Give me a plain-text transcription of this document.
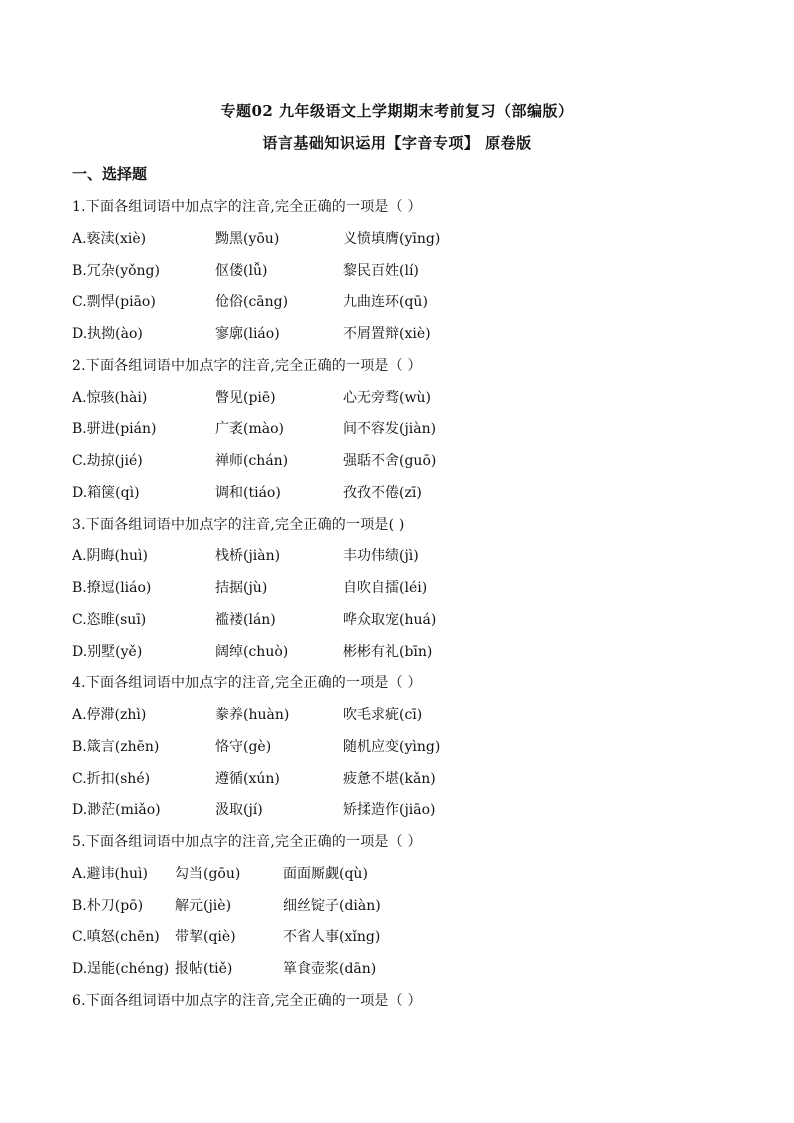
专题02 九年级语文上学期期末考前复习（部编版）
语言基础知识运用【字音专项】 原卷版
一、选择题
1.下面各组词语中加点字的注音,完全正确的一项是（ ）
A.亵渎(xiè)	黝黑(yōu)	义愤填膺(yīng)
B.冗杂(yǒng)	伛偻(lǚ)	黎民百姓(lí)
C.剽悍(piāo)	伧俗(cāng)	九曲连环(qū)
D.执拗(ào)	寥廓(liáo)	不屑置辩(xiè)
2.下面各组词语中加点字的注音,完全正确的一项是（ ）
A.惊骇(hài)	瞥见(piē)	心无旁骛(wù)
B.骈进(pián)	广袤(mào)	间不容发(jiàn)
C.劫掠(jié)	禅师(chán)	强聒不舍(guō)
D.箱箧(qì)	调和(tiáo)	孜孜不倦(zī)
3.下面各组词语中加点字的注音,完全正确的一项是( )
A.阴晦(huì)	栈桥(jiàn)	丰功伟绩(jì)
B.撩逗(liáo)	拮据(jù)	自吹自擂(léi)
C.恣睢(suī)	褴褛(lán)	哗众取宠(huá)
D.别墅(yě)	阔绰(chuò)	彬彬有礼(bīn)
4.下面各组词语中加点字的注音,完全正确的一项是（ ）
A.停滞(zhì)	豢养(huàn)	吹毛求疵(cī)
B.箴言(zhēn)	恪守(gè)	随机应变(yìng)
C.折扣(shé)	遵循(xún)	疲惫不堪(kǎn)
D.渺茫(miǎo)	汲取(jí)	矫揉造作(jiāo)
5.下面各组词语中加点字的注音,完全正确的一项是（ ）
A.避讳(huì) 勾当(gōu)	面面厮觑(qù)
B.朴刀(pō) 解元(jiè)	细丝锭子(diàn)
C.嗔怒(chēn) 带挈(qiè)	不省人事(xǐng)
D.逞能(chéng) 报帖(tiě)	箪食壶浆(dān)
6.下面各组词语中加点字的注音,完全正确的一项是（ ）
